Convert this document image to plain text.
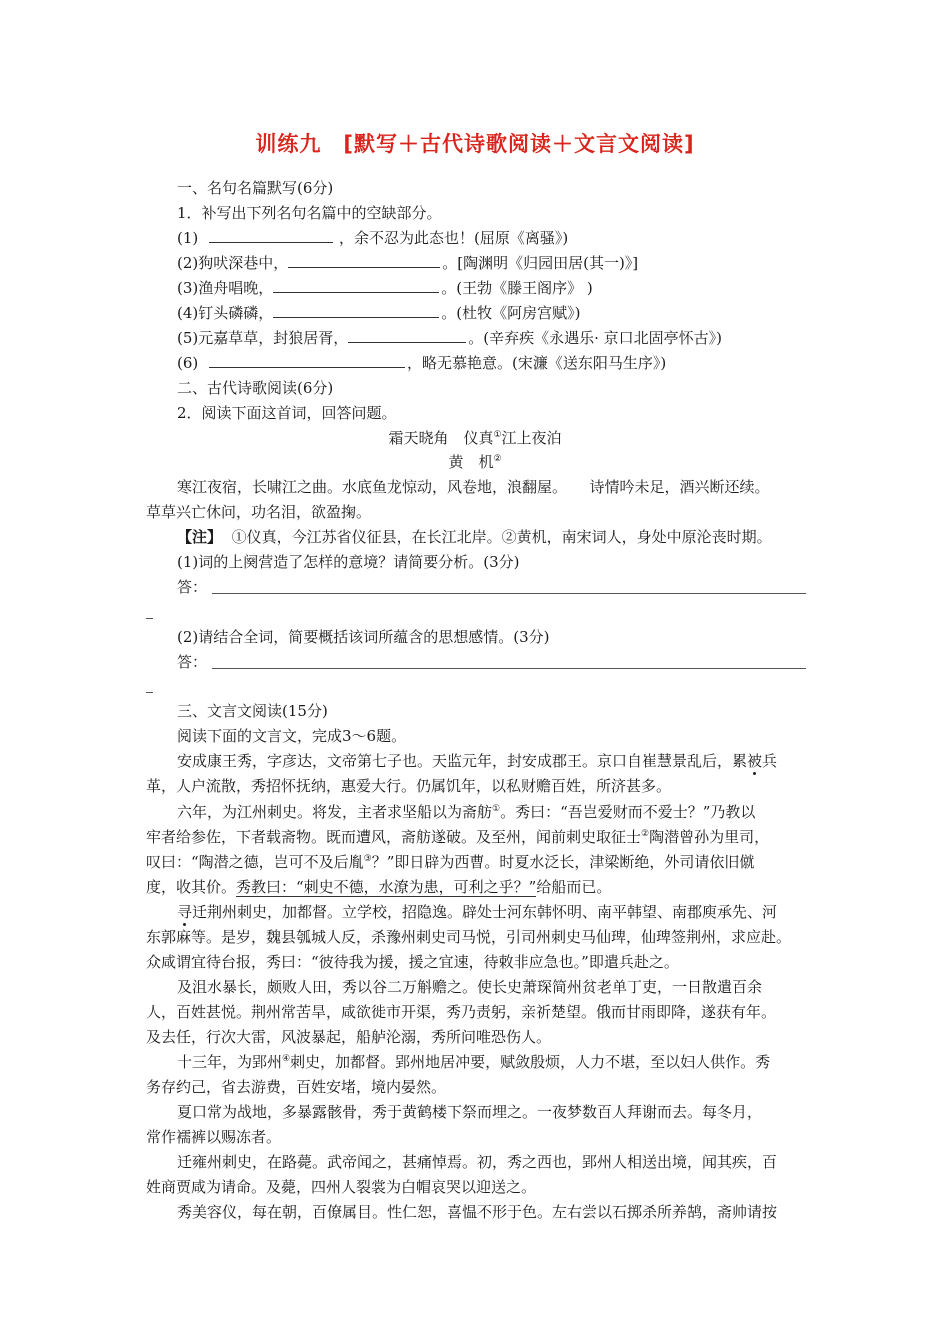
训练九　[默写＋古代诗歌阅读＋文言文阅读]
一、名句名篇默写(6分)
1．补写出下列名句名篇中的空缺部分。
(1)	，余不忍为此态也！(屈原《离骚》)
(2)狗吠深巷中，	。[陶渊明《归园田居(其一)》]
(3)渔舟唱晚，	。(王勃《滕王阁序》 )
(4)钉头磷磷，	。(杜牧《阿房宫赋》)
(5)元嘉草草，封狼居胥，	。(辛弃疾《永遇乐· 京口北固亭怀古》)
(6)	，略无慕艳意。(宋濂《送东阳马生序》)
二、古代诗歌阅读(6分)
2．阅读下面这首词，回答问题。
霜天晓角　仪真①江上夜泊
黄　机②
寒江夜宿，长啸江之曲。水底鱼龙惊动，风卷地，浪翻屋。　　诗情吟未足，酒兴断还续。
草草兴亡休问，功名泪，欲盈掬。
【注】 ①仪真，今江苏省仪征县，在长江北岸。②黄机，南宋词人，身处中原沦丧时期。
(1)词的上阕营造了怎样的意境？请简要分析。(3分)
答：
(2)请结合全词，简要概括该词所蕴含的思想感情。(3分)
答：
三、文言文阅读(15分)
阅读下面的文言文，完成3～6题。
安成康王秀，字彦达，文帝第七子也。天监元年，封安成郡王。京口自崔慧景乱后，累被兵
革，人户流散，秀招怀抚纳，惠爱大行。仍属饥年，以私财赡百姓，所济甚多。
六年，为江州刺史。将发，主者求坚船以为斋舫①。秀曰：“吾岂爱财而不爱士？”乃教以
牢者给参佐，下者载斋物。既而遭风，斋舫遂破。及至州，闻前刺史取征士②陶潜曾孙为里司，
叹曰：“陶潜之德，岂可不及后胤③？”即日辟为西曹。时夏水泛长，津梁断绝，外司请依旧僦
度，收其价。秀教曰：“刺史不德，水潦为患，可利之乎？”给船而已。
寻迁荆州刺史，加都督。立学校，招隐逸。辟处士河东韩怀明、南平韩望、南郡庾承先、河
东郭麻等。是岁，魏县瓠城人反，杀豫州刺史司马悦，引司州刺史马仙琕，仙琕签荆州，求应赴。
众咸谓宜待台报，秀曰：“彼待我为援，援之宜速，待敕非应急也。”即遣兵赴之。
及沮水暴长，颇败人田，秀以谷二万斛赡之。使长史萧琛简州贫老单丁吏，一日散遣百余
人，百姓甚悦。荆州常苦旱，咸欲徙市开渠，秀乃责躬，亲祈楚望。俄而甘雨即降，遂获有年。
及去任，行次大雷，风波暴起，船舻沦溺，秀所问唯恐伤人。
十三年，为郢州④刺史，加都督。郢州地居冲要，赋敛殷烦，人力不堪，至以妇人供作。秀
务存约己，省去游费，百姓安堵，境内晏然。
夏口常为战地，多暴露骸骨，秀于黄鹤楼下祭而埋之。一夜梦数百人拜谢而去。每冬月，
常作襦裤以赐冻者。
迁雍州刺史，在路薨。武帝闻之，甚痛悼焉。初，秀之西也，郢州人相送出境，闻其疾，百
姓商贾咸为请命。及薨，四州人裂裳为白帽哀哭以迎送之。
秀美容仪，每在朝，百僚属目。性仁恕，喜愠不形于色。左右尝以石掷杀所养鹄，斋帅请按
